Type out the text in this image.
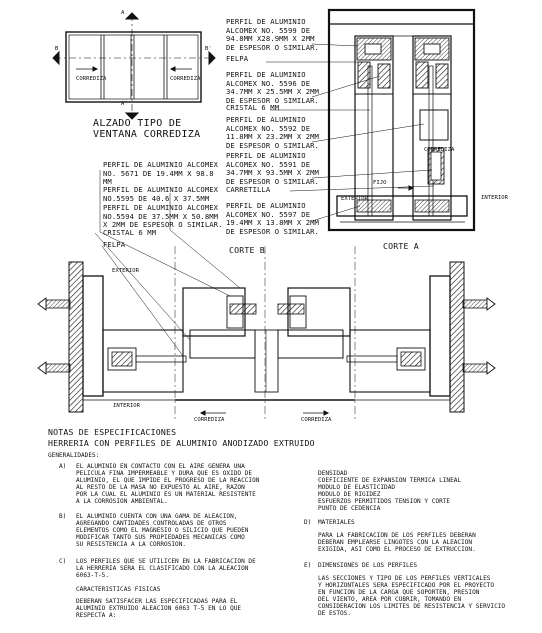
CORREDIZA	CORREDIZA
A
A'
B	B'
ALZADO TIPO DE
VENTANA CORREDIZA
PERFIL DE ALUMINIO
ALCOMEX NO. 5599 DE
94.8MM X28.9MM X 2MM
DE ESPESOR O SIMILAR.
FELPA
PERFIL DE ALUMINIO
ALCOMEX NO. 5596 DE
34.7MM X 25.5MM X 2MM
DE ESPESOR O SIMILAR.
CRISTAL 6 MM
PERFIL DE ALUMINIO
ALCOMEX NO. 5592 DE
11.8MM X 23.2MM X 2MM
DE ESPESOR O SIMILAR.
PERFIL DE ALUMINIO
ALCOMEX NO. 5591 DE
34.7MM X 93.5MM X 2MM
DE ESPESOR O SIMILAR.
CARRETILLA
PERFIL DE ALUMINIO
ALCOMEX NO. 5597 DE
19.4MM X 13.8MM X 2MM
DE ESPESOR O SIMILAR.
PERFIL DE ALUMINIO ALCOMEX
NO. 5671 DE 19.4MM X 98.8
MM
PERFIL DE ALUMINIO ALCOMEX
NO.5595 DE 40.6 X 37.5MM
PERFIL DE ALUMINIO ALCOMEX
NO.5594 DE 37.5MM X 50.8MM
X 2MM DE ESPESOR O SIMILAR.
CRISTAL 6 MM
FELPA
CORREDIZA
FIJO
EXTERIOR	INTERIOR
CORTE A
CORTE B
EXTERIOR
INTERIOR
CORREDIZA	CORREDIZA
NOTAS DE ESPECIFICACIONES
HERRERIA CON PERFILES DE ALUMINIO ANODIZADO EXTRUIDO
GENERALIDADES:
A) EL ALUMINIO EN CONTACTO CON EL AIRE GENERA UNA
PELICULA FINA IMPERMEABLE Y DURA QUE ES OXIDO DE
ALUMINIO, EL QUE IMPIDE EL PROGRESO DE LA REACCION
AL RESTO DE LA MASA NO EXPUESTO AL AIRE, RAZON
POR LA CUAL EL ALUMINIO ES UN MATERIAL RESISTENTE
A LA CORROSION AMBIENTAL.
B) EL ALUMINIO CUENTA CON UNA GAMA DE ALEACION,
AGREGANDO CANTIDADES CONTROLADAS DE OTROS
ELEMENTOS COMO EL MAGNESIO O SILICIO QUE PUEDEN
MODIFICAR TANTO SUS PROPIEDADES MECANICAS COMO
SU RESISTENCIA A LA CORROSION.
C) LOS PERFILES QUE SE UTILICEN EN LA FABRICACION DE
LA HERRERIA SERA EL CLASIFICADO CON LA ALEACION
6063-T-5.
CARACTERISTICAS FISICAS
DEBERAN SATISFACER LAS ESPECIFICADAS PARA EL
ALUMINIO EXTRUIDO ALEACION 6063 T-5 EN LO QUE
RESPECTA A:
DENSIDAD
COEFICIENTE DE EXPANSION TERMICA LINEAL
MODULO DE ELASTICIDAD
MODULO DE RIGIDEZ
ESFUERZOS PERMITIDOS TENSION Y CORTE
PUNTO DE CEDENCIA
D) MATERIALES
PARA LA FABRICACION DE LOS PERFILES DEBERAN
DEBERAN EMPLEARSE LINGOTES CON LA ALEACION
EXIGIDA, ASI COMO EL PROCESO DE EXTRUCCION.
E) DIMENSIONES DE LOS PERFILES
LAS SECCIONES Y TIPO DE LOS PERFILES VERTICALES
Y HORIZONTALES SERA ESPECIFICADO POR EL PROYECTO
EN FUNCION DE LA CARGA QUE SOPORTEN, PRESION
DEL VIENTO, AREA POR CUBRIR, TOMANDO EN
CONSIDERACION LOS LIMITES DE RESISTENCIA Y SERVICIO
DE ESTOS.
